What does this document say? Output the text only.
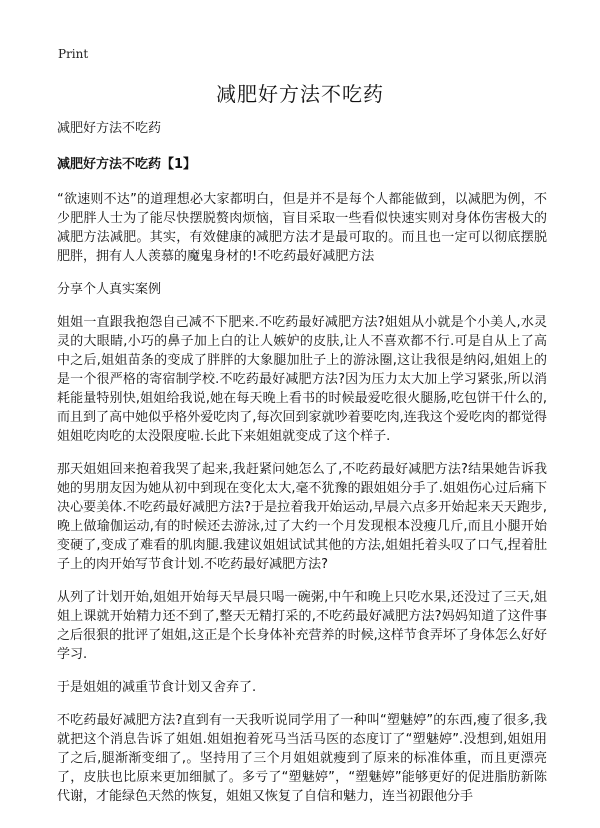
Print
减肥好方法不吃药
减肥好方法不吃药
减肥好方法不吃药【1】

“欲速则不达”的道理想必大家都明白，但是并不是每个人都能做到，以减肥为例，不少肥胖人士为了能尽快摆脱赘肉烦恼，盲目采取一些看似快速实则对身体伤害极大的减肥方法减肥。其实，有效健康的减肥方法才是最可取的。而且也一定可以彻底摆脱肥胖，拥有人人羡慕的魔鬼身材的!不吃药最好减肥方法

分享个人真实案例

姐姐一直跟我抱怨自己减不下肥来.不吃药最好减肥方法?姐姐从小就是个小美人,水灵灵的大眼睛,小巧的鼻子加上白的让人嫉妒的皮肤,让人不喜欢都不行.可是自从上了高中之后,姐姐苗条的变成了胖胖的大象腿加肚子上的游泳圈,这让我很是纳闷,姐姐上的是一个很严格的寄宿制学校.不吃药最好减肥方法?因为压力太大加上学习紧张,所以消耗能量特别快,姐姐给我说,她在每天晚上看书的时候最爱吃很火腿肠,吃包饼干什么的,而且到了高中她似乎格外爱吃肉了,每次回到家就吵着要吃肉,连我这个爱吃肉的都觉得姐姐吃肉吃的太没限度啦.长此下来姐姐就变成了这个样子.

那天姐姐回来抱着我哭了起来,我赶紧问她怎么了,不吃药最好减肥方法?结果她告诉我她的男朋友因为她从初中到现在变化太大,毫不犹豫的跟姐姐分手了.姐姐伤心过后痛下决心要美体.不吃药最好减肥方法?于是拉着我开始运动,早晨六点多开始起来天天跑步,晚上做瑜伽运动,有的时候还去游泳,过了大约一个月发现根本没瘦几斤,而且小腿开始变硬了,变成了难看的肌肉腿.我建议姐姐试试其他的方法,姐姐托着头叹了口气,捏着肚子上的肉开始写节食计划.不吃药最好减肥方法?

从列了计划开始,姐姐开始每天早晨只喝一碗粥,中午和晚上只吃水果,还没过了三天,姐姐上课就开始精力还不到了,整天无精打采的,不吃药最好减肥方法?妈妈知道了这件事之后很狠的批评了姐姐,这正是个长身体补充营养的时候,这样节食弄坏了身体怎么好好学习.

于是姐姐的减重节食计划又舍弃了.

不吃药最好减肥方法?直到有一天我听说同学用了一种叫“塑魅婷”的东西,瘦了很多,我就把这个消息告诉了姐姐.姐姐抱着死马当活马医的态度订了“塑魅婷”.没想到,姐姐用了之后,腿渐渐变细了,。坚持用了三个月姐姐就瘦到了原来的标准体重，而且更漂亮了，皮肤也比原来更加细腻了。多亏了“塑魅婷”，“塑魅婷”能够更好的促进脂肪新陈代谢，才能绿色天然的恢复，姐姐又恢复了自信和魅力，连当初跟他分手
